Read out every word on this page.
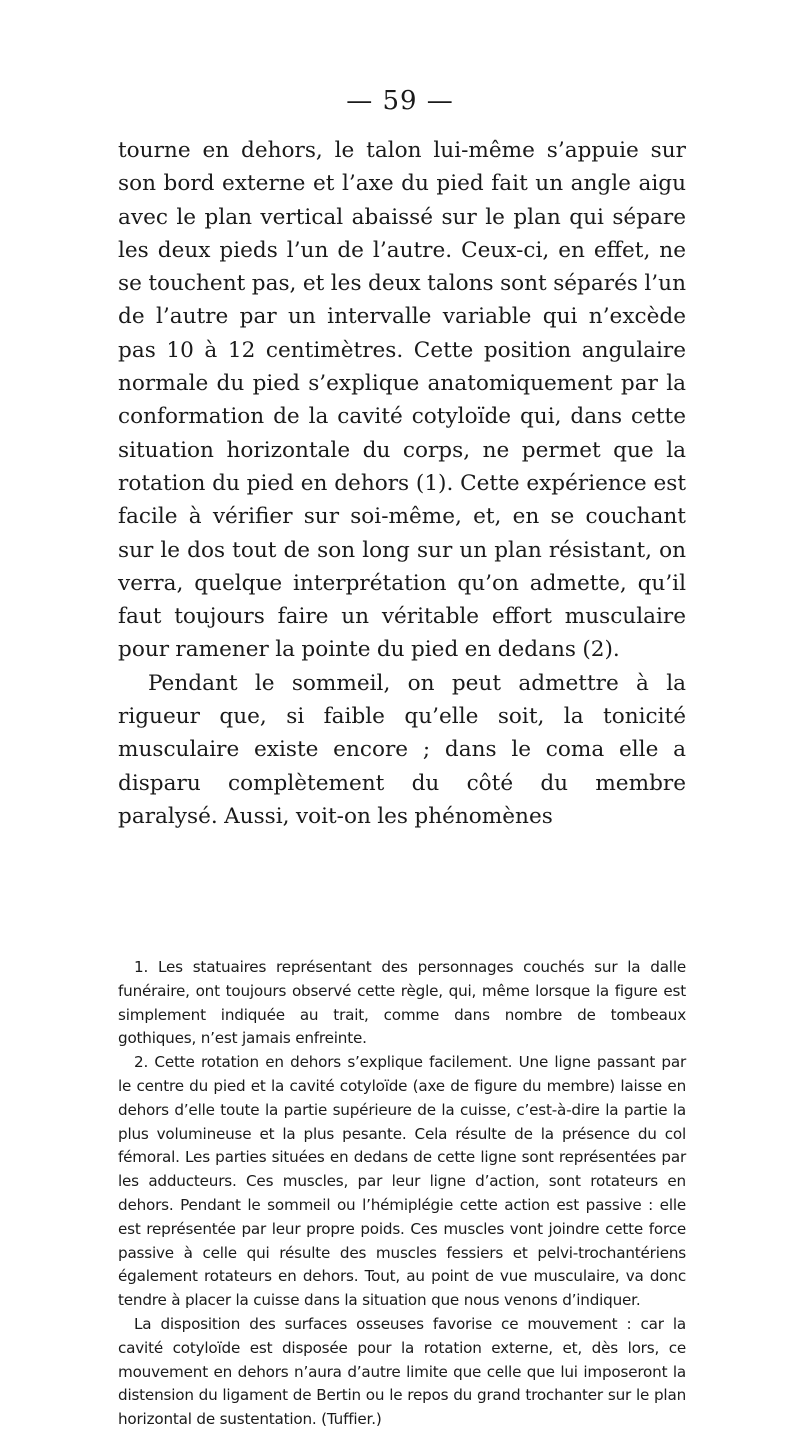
— 59 —

tourne en dehors, le talon lui-même s’appuie sur son bord externe et l’axe du pied fait un angle aigu avec le plan vertical abaissé sur le plan qui sépare les deux pieds l’un de l’autre. Ceux-ci, en effet, ne se touchent pas, et les deux talons sont séparés l’un de l’autre par un intervalle variable qui n’excède pas 10 à 12 centimètres. Cette position angulaire normale du pied s’explique anatomiquement par la conformation de la cavité cotyloïde qui, dans cette situation horizontale du corps, ne permet que la rotation du pied en dehors (1). Cette expérience est facile à vérifier sur soi-même, et, en se couchant sur le dos tout de son long sur un plan résistant, on verra, quelque interprétation qu’on admette, qu’il faut toujours faire un véritable effort musculaire pour ramener la pointe du pied en dedans (2).

Pendant le sommeil, on peut admettre à la rigueur que, si faible qu’elle soit, la tonicité musculaire existe encore ; dans le coma elle a disparu complètement du côté du membre paralysé. Aussi, voit-on les phénomènes

1. Les statuaires représentant des personnages couchés sur la dalle funéraire, ont toujours observé cette règle, qui, même lorsque la figure est simplement indiquée au trait, comme dans nombre de tombeaux gothiques, n’est jamais enfreinte.

2. Cette rotation en dehors s’explique facilement. Une ligne passant par le centre du pied et la cavité cotyloïde (axe de figure du membre) laisse en dehors d’elle toute la partie supérieure de la cuisse, c’est-à-dire la partie la plus volumineuse et la plus pesante. Cela résulte de la présence du col fémoral. Les parties situées en dedans de cette ligne sont représentées par les adducteurs. Ces muscles, par leur ligne d’action, sont rotateurs en dehors. Pendant le sommeil ou l’hémiplégie cette action est passive : elle est représentée par leur propre poids. Ces muscles vont joindre cette force passive à celle qui résulte des muscles fessiers et pelvi-trochantériens également rotateurs en dehors. Tout, au point de vue musculaire, va donc tendre à placer la cuisse dans la situation que nous venons d’indiquer.

La disposition des surfaces osseuses favorise ce mouvement : car la cavité cotyloïde est disposée pour la rotation externe, et, dès lors, ce mouvement en dehors n’aura d’autre limite que celle que lui imposeront la distension du ligament de Bertin ou le repos du grand trochanter sur le plan horizontal de sustentation. (Tuffier.)
